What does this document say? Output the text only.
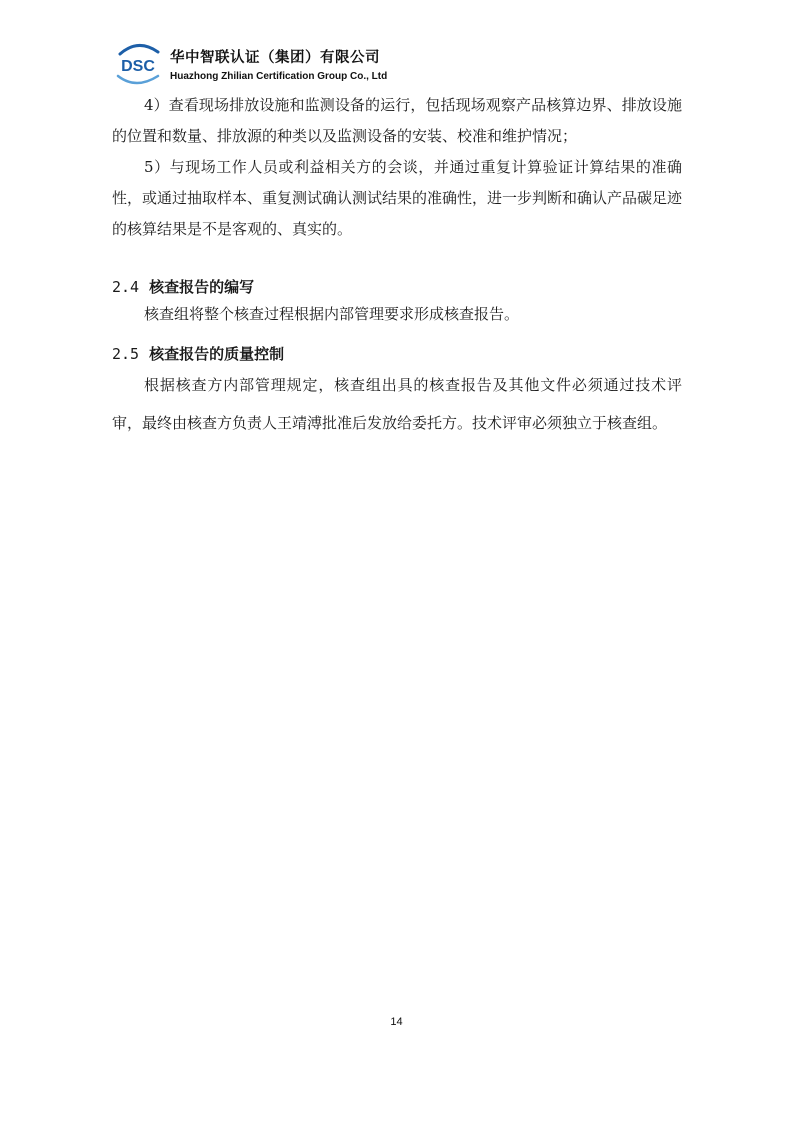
DSC 华中智联认证（集团）有限公司
Huazhong Zhilian Certification Group Co., Ltd

4）查看现场排放设施和监测设备的运行，包括现场观察产品核算边界、排放设施的位置和数量、排放源的种类以及监测设备的安装、校准和维护情况；

5）与现场工作人员或利益相关方的会谈，并通过重复计算验证计算结果的准确性，或通过抽取样本、重复测试确认测试结果的准确性，进一步判断和确认产品碳足迹的核算结果是不是客观的、真实的。

2.4 核查报告的编写

核查组将整个核查过程根据内部管理要求形成核查报告。

2.5 核查报告的质量控制

根据核查方内部管理规定，核查组出具的核查报告及其他文件必须通过技术评审，最终由核查方负责人王靖溥批准后发放给委托方。技术评审必须独立于核查组。

14
